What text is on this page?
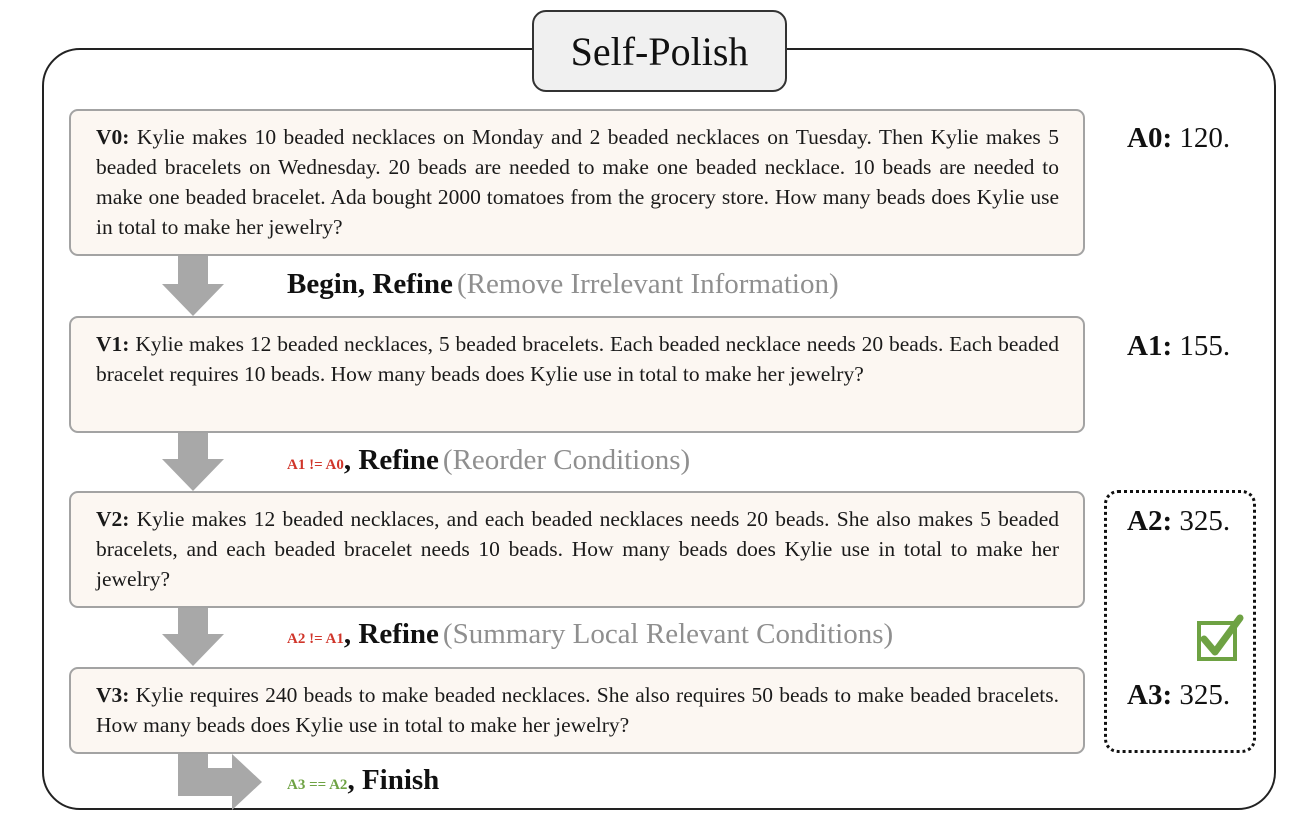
Self-Polish
V0: Kylie makes 10 beaded necklaces on Monday and 2 beaded necklaces on Tuesday. Then Kylie makes 5 beaded bracelets on Wednesday. 20 beads are needed to make one beaded necklace. 10 beads are needed to make one beaded bracelet. Ada bought 2000 tomatoes from the grocery store. How many beads does Kylie use in total to make her jewelry?
A0: 120.
Begin, Refine (Remove Irrelevant Information)
V1: Kylie makes 12 beaded necklaces, 5 beaded bracelets. Each beaded necklace needs 20 beads. Each beaded bracelet requires 10 beads. How many beads does Kylie use in total to make her jewelry?
A1: 155.
A1 != A0, Refine (Reorder Conditions)
V2: Kylie makes 12 beaded necklaces, and each beaded necklaces needs 20 beads. She also makes 5 beaded bracelets, and each beaded bracelet needs 10 beads. How many beads does Kylie use in total to make her jewelry?
A2: 325.
A2 != A1, Refine (Summary Local Relevant Conditions)
V3: Kylie requires 240 beads to make beaded necklaces. She also requires 50 beads to make beaded bracelets. How many beads does Kylie use in total to make her jewelry?
A3: 325.
A3 == A2, Finish
